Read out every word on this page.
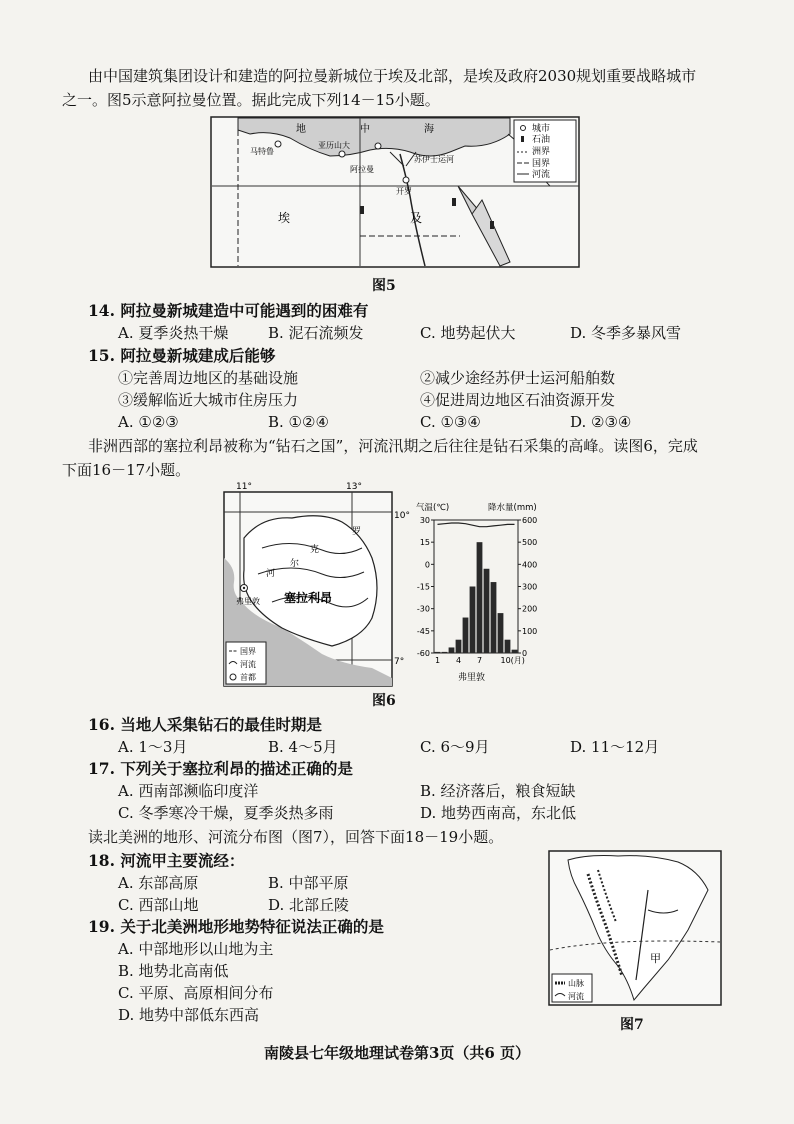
由中国建筑集团设计和建造的阿拉曼新城位于埃及北部，是埃及政府2030规划重要战略城市
之一。图5示意阿拉曼位置。据此完成下列14－15小题。
地	中	海
马特鲁
亚历山大
阿拉曼
苏伊士运河
开罗
埃	及
城市
石油
洲界
国界
河流
图5
14. 阿拉曼新城建造中可能遇到的困难有
A. 夏季炎热干燥	B. 泥石流频发	C. 地势起伏大	D. 冬季多暴风雪
15. 阿拉曼新城建成后能够
①完善周边地区的基础设施	②减少途经苏伊士运河船舶数
③缓解临近大城市住房压力	④促进周边地区石油资源开发
A. ①②③	B. ①②④	C. ①③④	D. ②③④
非洲西部的塞拉利昂被称为“钻石之国”，河流汛期之后往往是钻石采集的高峰。读图6，完成
下面16－17小题。
11°	13°
10°
7°
罗
克
尔
河
弗里敦 塞拉利昂
国界
河流
首都
气温(℃)	降水量(mm)
30
15
0
-15
-30
-45
-60
600
500
400
300
200
100
0
1 4 7 10(月)
弗里敦
图6
16. 当地人采集钻石的最佳时期是
A. 1～3月	B. 4～5月	C. 6～9月	D. 11～12月
17. 下列关于塞拉利昂的描述正确的是
A. 西南部濒临印度洋	B. 经济落后，粮食短缺
C. 冬季寒冷干燥，夏季炎热多雨	D. 地势西南高，东北低
读北美洲的地形、河流分布图（图7），回答下面18－19小题。
18. 河流甲主要流经：
A. 东部高原	B. 中部平原
C. 西部山地	D. 北部丘陵
19. 关于北美洲地形地势特征说法正确的是
A. 中部地形以山地为主
B. 地势北高南低
C. 平原、高原相间分布
D. 地势中部低东西高
甲
山脉
河流
图7
南陵县七年级地理试卷第3页（共6 页）
